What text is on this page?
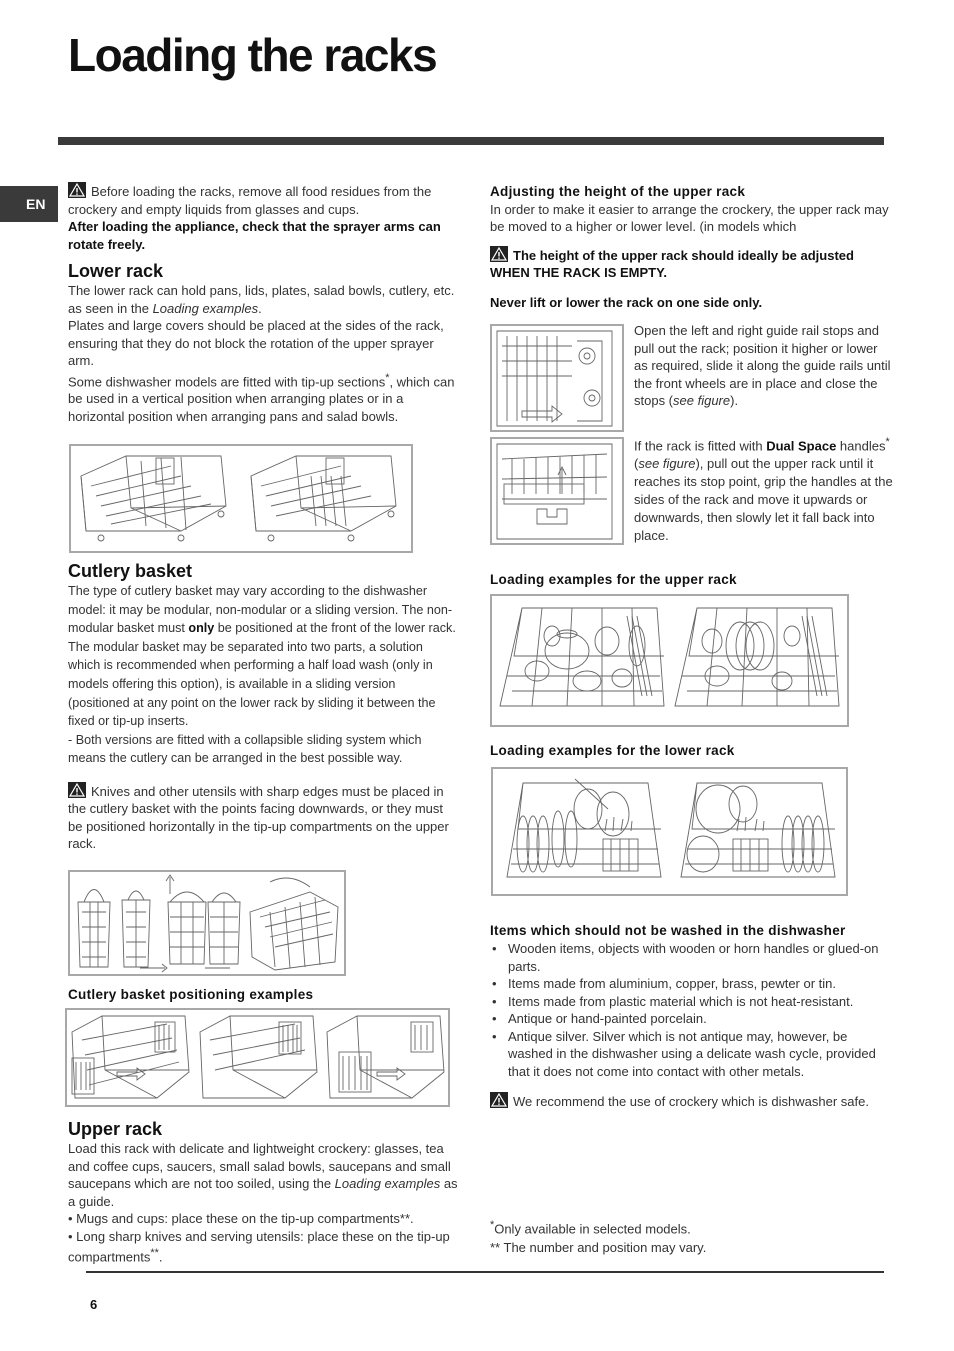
Loading the racks
EN

Before loading the racks, remove all food residues from the crockery and empty liquids from glasses and cups.

After loading the appliance, check that the sprayer arms can rotate freely.

Lower rack

The lower rack can hold pans, lids, plates, salad bowls, cutlery, etc. as seen in the Loading examples.

Plates and large covers should be placed at the sides of the rack, ensuring that they do not block the rotation of the upper sprayer arm.

Some dishwasher models are fitted with tip-up sections*, which can be used in a vertical position when arranging plates or in a horizontal position when arranging pans and salad bowls.

Cutlery basket

The type of cutlery basket may vary according to the dishwasher model: it may be modular, non-modular or a sliding version. The non-modular basket must only be positioned at the front of the lower rack.

The modular basket may be separated into two parts, a solution which is recommended when performing a half load wash (only in models offering this option), is available in a sliding version (positioned at any point on the lower rack by sliding it between the fixed or tip-up inserts.

- Both versions are fitted with a collapsible sliding system which means the cutlery can be arranged in the best possible way.

Knives and other utensils with sharp edges must be placed in the cutlery basket with the points facing downwards, or they must be positioned horizontally in the tip-up compartments on the upper rack.

Cutlery basket positioning examples

Upper rack

Load this rack with delicate and lightweight crockery: glasses, tea and coffee cups, saucers, small salad bowls, saucepans and small saucepans which are not too soiled, using the Loading examples as a guide.

• Mugs and cups: place these on the tip-up compartments**.

• Long sharp knives and serving utensils: place these on the tip-up compartments**.

Adjusting the height of the upper rack

In order to make it easier to arrange the crockery, the upper rack may be moved to a higher or lower level. (in models which

The height of the upper rack should ideally be adjusted WHEN THE RACK IS EMPTY.

Never lift or lower the rack on one side only.

Open the left and right guide rail stops and pull out the rack; position it higher or lower as required, slide it along the guide rails until the front wheels are in place and close the stops (see figure).

If the rack is fitted with Dual Space handles* (see figure), pull out the upper rack until it reaches its stop point, grip the handles at the sides of the rack and move it upwards or downwards, then slowly let it fall back into place.

Loading examples for the upper rack

Loading examples for the lower rack

Items which should not be washed in the dishwasher

• Wooden items, objects with wooden or horn handles or glued-on parts.
• Items made from aluminium, copper, brass, pewter or tin.
• Items made from plastic material which is not heat-resistant.
• Antique or hand-painted porcelain.
• Antique silver. Silver which is not antique may, however, be washed in the dishwasher using a delicate wash cycle, provided that it does not come into contact with other metals.

We recommend the use of crockery which is dishwasher safe.

*Only available in selected models.

** The number and position may vary.

6
